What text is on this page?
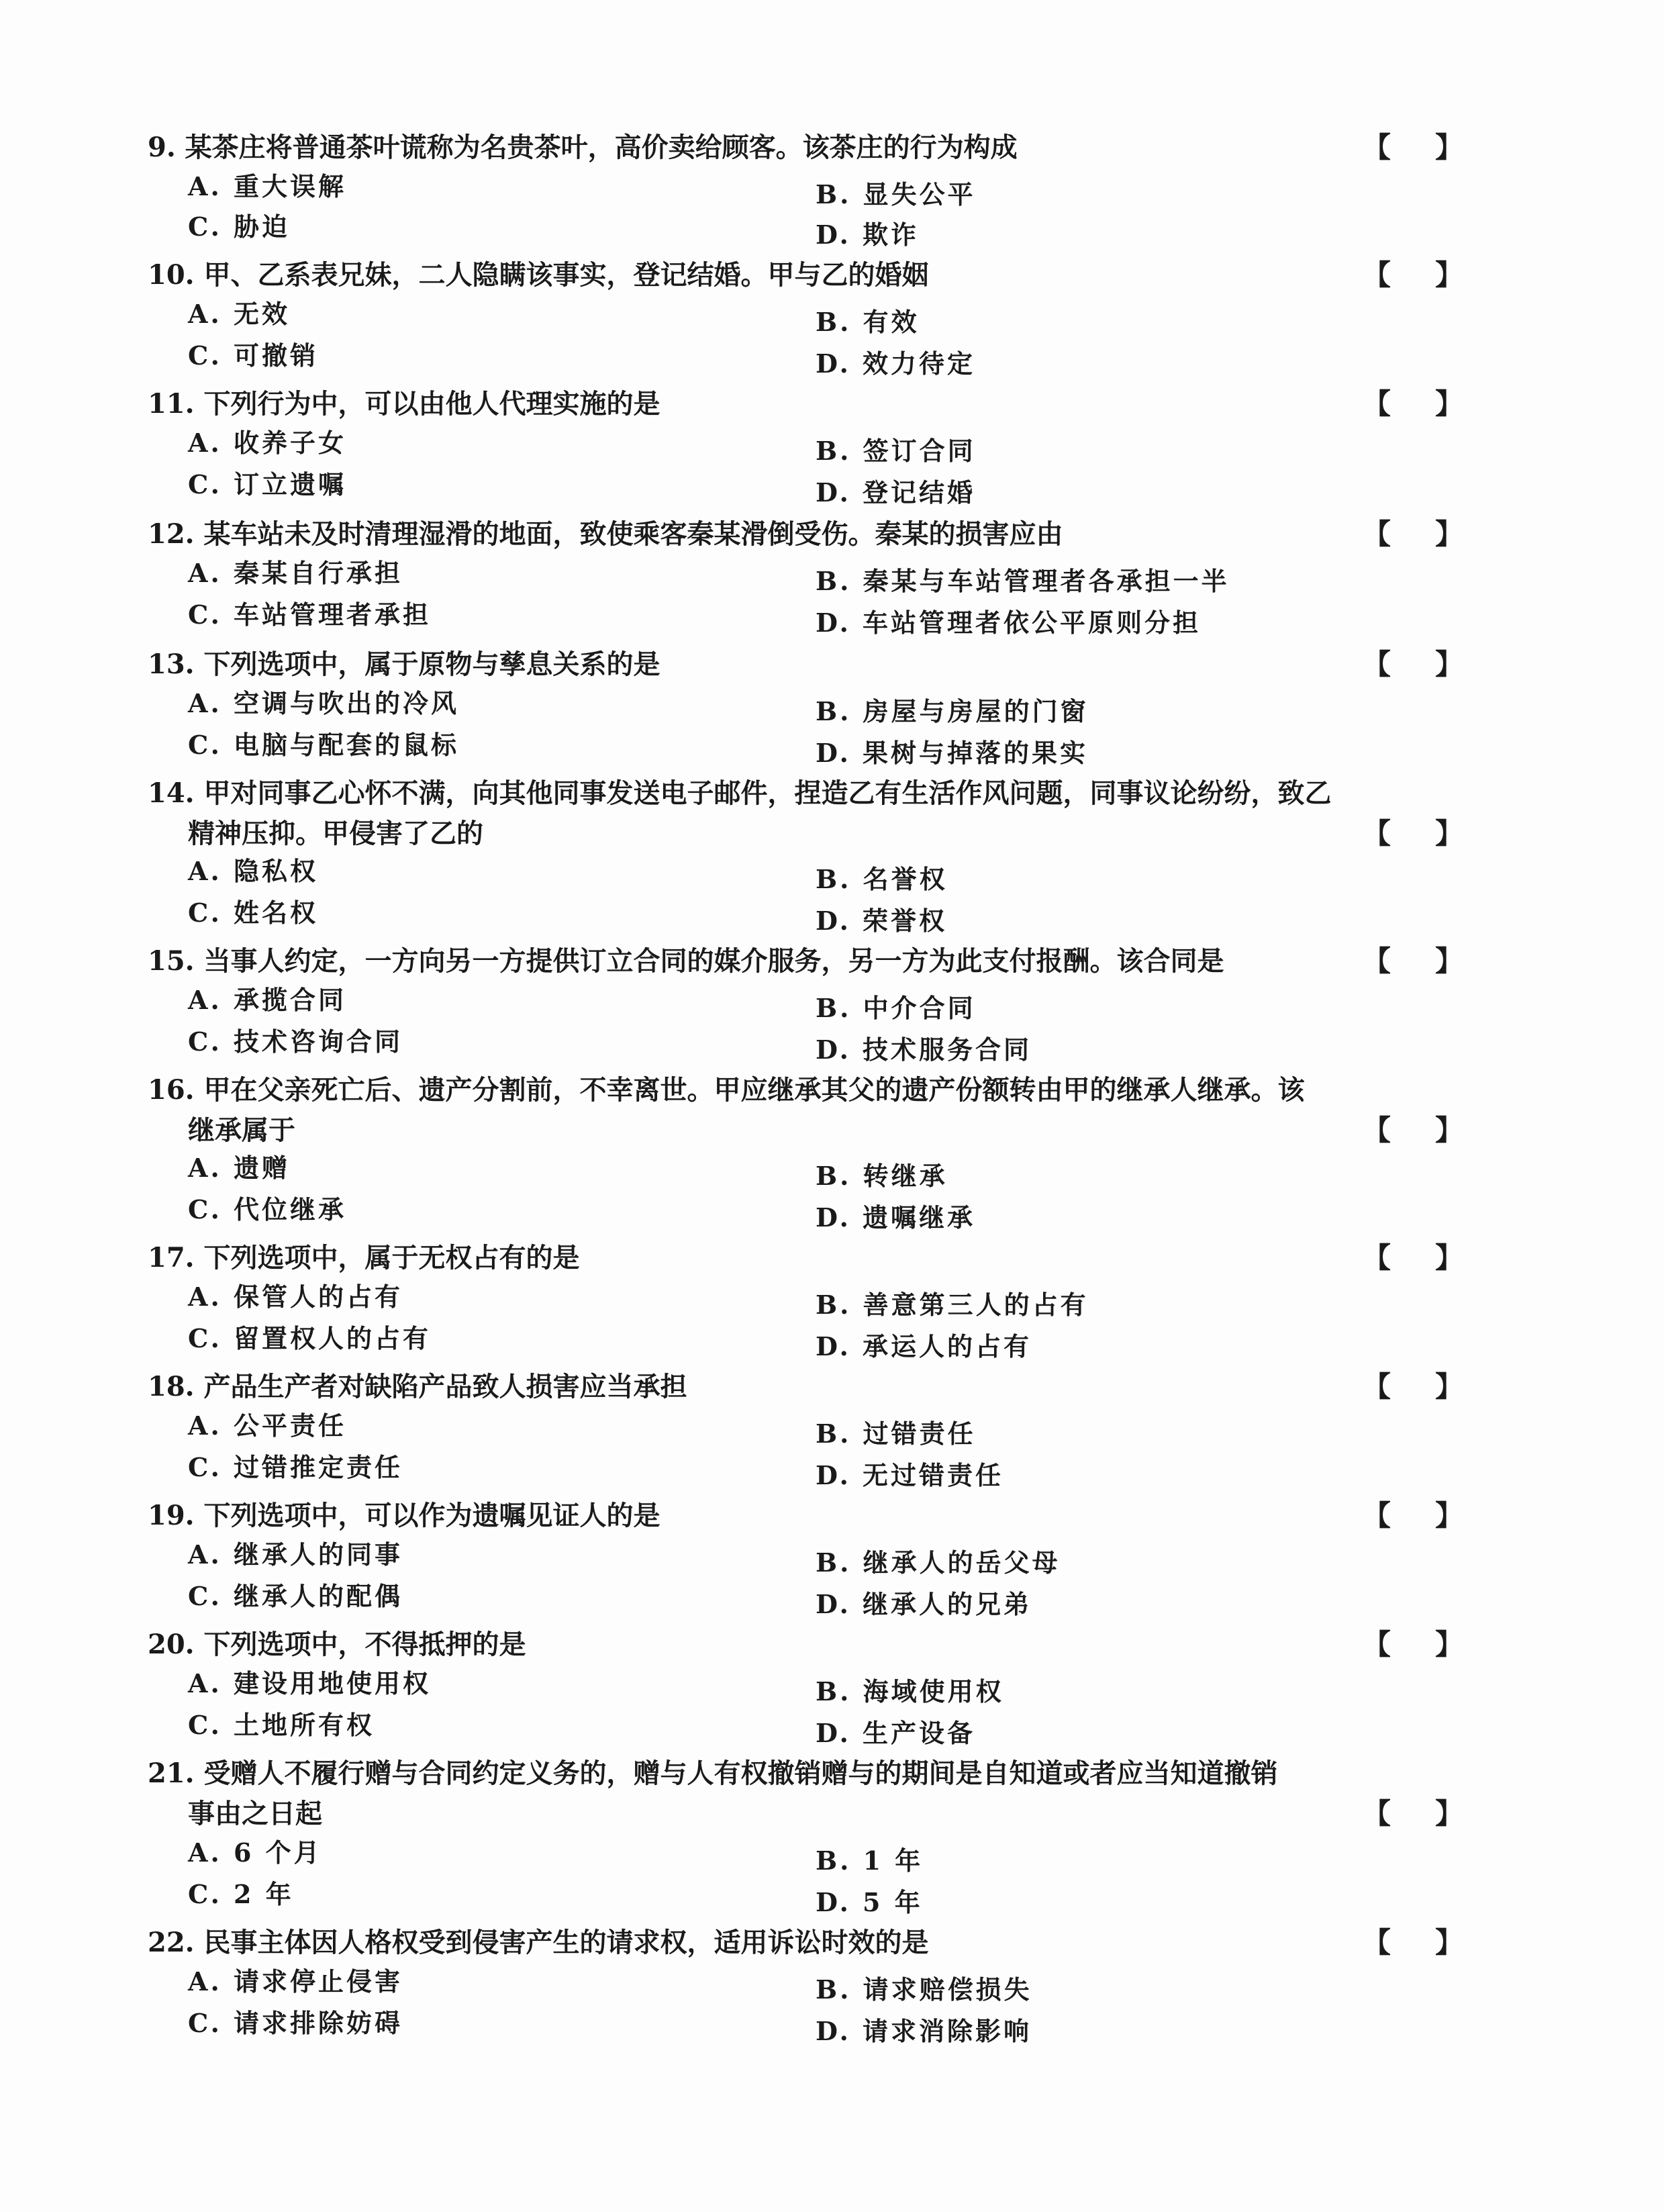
9. 某茶庄将普通茶叶谎称为名贵茶叶，高价卖给顾客。该茶庄的行为构成	【 】
A. 重大误解	B. 显失公平
C. 胁迫	D. 欺诈
10. 甲、乙系表兄妹，二人隐瞒该事实，登记结婚。甲与乙的婚姻	【 】
A. 无效	B. 有效
C. 可撤销	D. 效力待定
11. 下列行为中，可以由他人代理实施的是	【 】
A. 收养子女	B. 签订合同
C. 订立遗嘱	D. 登记结婚
12. 某车站未及时清理湿滑的地面，致使乘客秦某滑倒受伤。秦某的损害应由	【 】
A. 秦某自行承担	B. 秦某与车站管理者各承担一半
C. 车站管理者承担	D. 车站管理者依公平原则分担
13. 下列选项中，属于原物与孳息关系的是	【 】
A. 空调与吹出的冷风	B. 房屋与房屋的门窗
C. 电脑与配套的鼠标	D. 果树与掉落的果实
14. 甲对同事乙心怀不满，向其他同事发送电子邮件，捏造乙有生活作风问题，同事议论纷纷，致乙
精神压抑。甲侵害了乙的	【 】
A. 隐私权	B. 名誉权
C. 姓名权	D. 荣誉权
15. 当事人约定，一方向另一方提供订立合同的媒介服务，另一方为此支付报酬。该合同是	【 】
A. 承揽合同	B. 中介合同
C. 技术咨询合同	D. 技术服务合同
16. 甲在父亲死亡后、遗产分割前，不幸离世。甲应继承其父的遗产份额转由甲的继承人继承。该
继承属于	【 】
A. 遗赠	B. 转继承
C. 代位继承	D. 遗嘱继承
17. 下列选项中，属于无权占有的是	【 】
A. 保管人的占有	B. 善意第三人的占有
C. 留置权人的占有	D. 承运人的占有
18. 产品生产者对缺陷产品致人损害应当承担	【 】
A. 公平责任	B. 过错责任
C. 过错推定责任	D. 无过错责任
19. 下列选项中，可以作为遗嘱见证人的是	【 】
A. 继承人的同事	B. 继承人的岳父母
C. 继承人的配偶	D. 继承人的兄弟
20. 下列选项中，不得抵押的是	【 】
A. 建设用地使用权	B. 海域使用权
C. 土地所有权	D. 生产设备
21. 受赠人不履行赠与合同约定义务的，赠与人有权撤销赠与的期间是自知道或者应当知道撤销
事由之日起	【 】
A. 6 个月	B. 1 年
C. 2 年	D. 5 年
22. 民事主体因人格权受到侵害产生的请求权，适用诉讼时效的是	【 】
A. 请求停止侵害	B. 请求赔偿损失
C. 请求排除妨碍	D. 请求消除影响
